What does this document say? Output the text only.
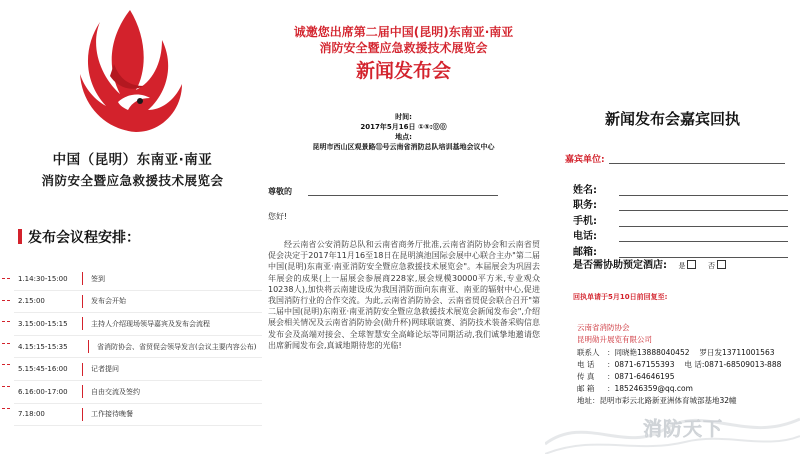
中国（昆明）东南亚·南亚
消防安全暨应急救援技术展览会
发布会议程安排：
1.14:30-15:00	签到
2.15:00	发布会开始
3.15:00-15:15	主持人介绍现场领导嘉宾及发布会流程
4.15:15-15:35	省消防协会、省贸促会领导发言(会议主要内容公布)
5.15:45-16:00	记者提问
6.16:00-17:00	自由交流及签约
7.18:00	工作接待晚餐
诚邀您出席第二届中国(昆明)东南亚·南亚
消防安全暨应急救援技术展览会
新闻发布会
时间:
2017年5月16日 ①⑤:⓪⓪
地点:
昆明市西山区观景路⑪号云南省消防总队培训基地会议中心
尊敬的
您好!
经云南省公安消防总队和云南省商务厅批准,云南省消防协会和云南省贸促会决定于2017年11月16至18日在昆明滇池国际会展中心联合主办"第二届中国(昆明)东南亚·南亚消防安全暨应急救援技术展览会"。本届展会为巩固去年展会的成果(上一届展会参展商228家,展会规模30000平方米,专业观众10238人),加快将云南建设成为我国消防面向东南亚、南亚的辐射中心,促进我国消防行业的合作交流。为此,云南省消防协会、云南省贸促会联合召开"第二届中国(昆明)东南亚·南亚消防安全暨应急救援技术展览会新闻发布会",介绍展会相关情况及云南省消防协会(勋升杯)网球联谊赛、消防技术装备采购信息发布会及高端对接会、全球智慧安全高峰论坛等同期活动,我们诚挚地邀请您出席新闻发布会,真诚地期待您的光临!
新闻发布会嘉宾回执
嘉宾单位:
姓名:
职务:
手机:
电话:
邮箱:
是否需协助预定酒店: 是	否
回执单请于5月10日前回复至:
云南省消防协会
昆明勋升展览有限公司
联系人 ：同晓艳13888040452 罗日发13711001563
电 话 ：0871-67155393 电 话:0871-68509013-888
传 真 ：0871-64646195
邮 箱 ：185246359@qq.com
地址：昆明市彩云北路新亚洲体育城部基地32幢
消防天下
